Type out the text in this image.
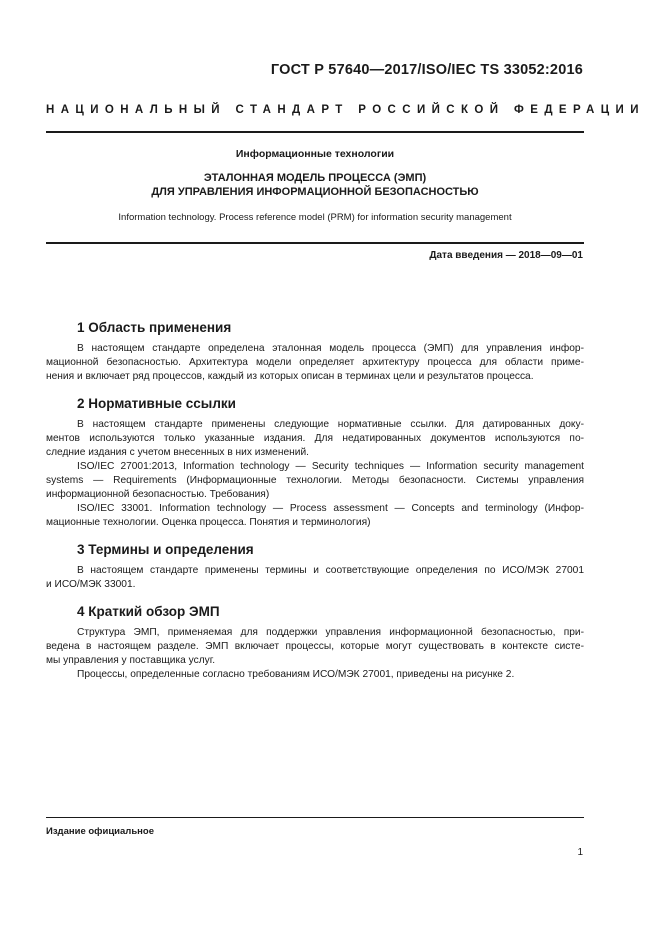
ГОСТ Р 57640—2017/ISO/IEC TS 33052:2016
НАЦИОНАЛЬНЫЙ СТАНДАРТ РОССИЙСКОЙ ФЕДЕРАЦИИ
Информационные технологии
ЭТАЛОННАЯ МОДЕЛЬ ПРОЦЕССА (ЭМП)
ДЛЯ УПРАВЛЕНИЯ ИНФОРМАЦИОННОЙ БЕЗОПАСНОСТЬЮ
Information technology. Process reference model (PRM) for information security management
Дата введения — 2018—09—01
1 Область применения
В настоящем стандарте определена эталонная модель процесса (ЭМП) для управления инфор-
мационной безопасностью. Архитектура модели определяет архитектуру процесса для области приме-
нения и включает ряд процессов, каждый из которых описан в терминах цели и результатов процесса.
2 Нормативные ссылки
В настоящем стандарте применены следующие нормативные ссылки. Для датированных доку-
ментов используются только указанные издания. Для недатированных документов используются по-
следние издания с учетом внесенных в них изменений.
ISO/IEC 27001:2013, Information technology — Security techniques — Information security management
systems — Requirements (Информационные технологии. Методы безопасности. Системы управления
информационной безопасностью. Требования)
ISO/IEC 33001. Information technology — Process assessment — Concepts and terminology (Инфор-
мационные технологии. Оценка процесса. Понятия и терминология)
3 Термины и определения
В настоящем стандарте применены термины и соответствующие определения по ИСО/МЭК 27001
и ИСО/МЭК 33001.
4 Краткий обзор ЭМП
Структура ЭМП, применяемая для поддержки управления информационной безопасностью, при-
ведена в настоящем разделе. ЭМП включает процессы, которые могут существовать в контексте систе-
мы управления у поставщика услуг.
Процессы, определенные согласно требованиям ИСО/МЭК 27001, приведены на рисунке 2.
Издание официальное
1
